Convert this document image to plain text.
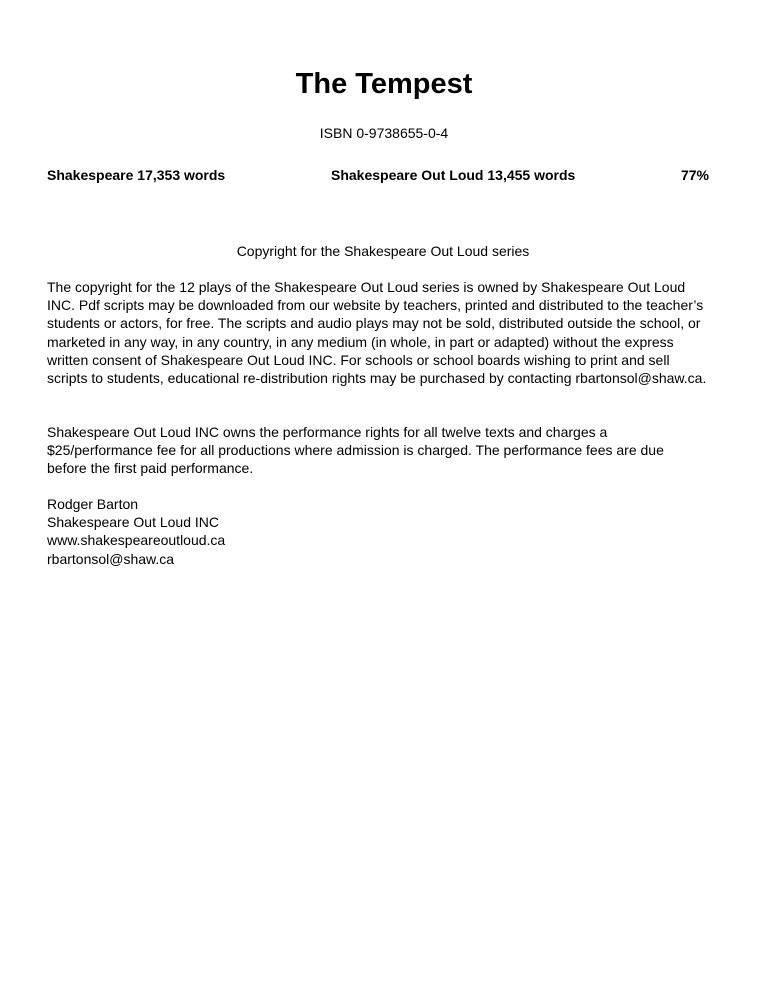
The Tempest
ISBN 0-9738655-0-4
Shakespeare 17,353 words	Shakespeare Out Loud 13,455 words	77%
Copyright for the Shakespeare Out Loud series

The copyright for the 12 plays of the Shakespeare Out Loud series is owned by Shakespeare Out Loud INC. Pdf scripts may be downloaded from our website by teachers, printed and distributed to the teacher’s students or actors, for free. The scripts and audio plays may not be sold, distributed outside the school, or marketed in any way, in any country, in any medium (in whole, in part or adapted) without the express written consent of Shakespeare Out Loud INC. For schools or school boards wishing to print and sell scripts to students, educational re-distribution rights may be purchased by contacting rbartonsol@shaw.ca.

Shakespeare Out Loud INC owns the performance rights for all twelve texts and charges a $25/performance fee for all productions where admission is charged. The performance fees are due before the first paid performance.

Rodger Barton
Shakespeare Out Loud INC
www.shakespeareoutloud.ca
rbartonsol@shaw.ca
